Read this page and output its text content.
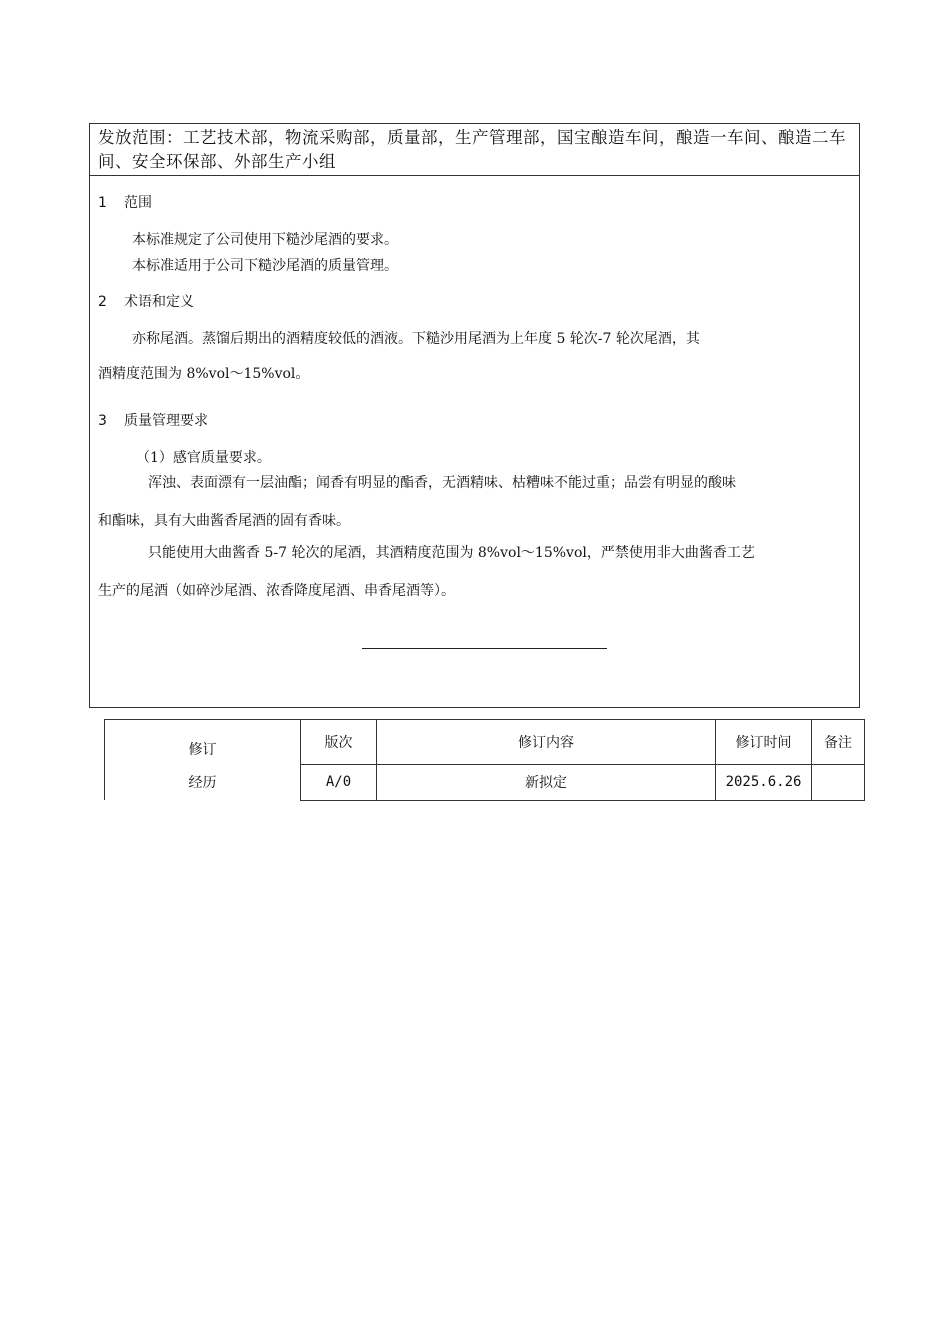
发放范围：工艺技术部，物流采购部，质量部，生产管理部，国宝酿造车间，酿造一车间、酿造二车间、安全环保部、外部生产小组
1 范围
本标准规定了公司使用下糙沙尾酒的要求。
本标准适用于公司下糙沙尾酒的质量管理。
2 术语和定义
亦称尾酒。蒸馏后期出的酒精度较低的酒液。下糙沙用尾酒为上年度 5 轮次-7 轮次尾酒，其
酒精度范围为 8%vol～15%vol。
3 质量管理要求
（1）感官质量要求。
浑浊、表面漂有一层油酯；闻香有明显的酯香，无酒精味、枯糟味不能过重；品尝有明显的酸味
和酯味，具有大曲酱香尾酒的固有香味。
只能使用大曲酱香 5-7 轮次的尾酒，其酒精度范围为 8%vol～15%vol，严禁使用非大曲酱香工艺
生产的尾酒（如碎沙尾酒、浓香降度尾酒、串香尾酒等）。
修订
经历	版次	修订内容	修订时间	备注
	A/0	新拟定	2025.6.26	
